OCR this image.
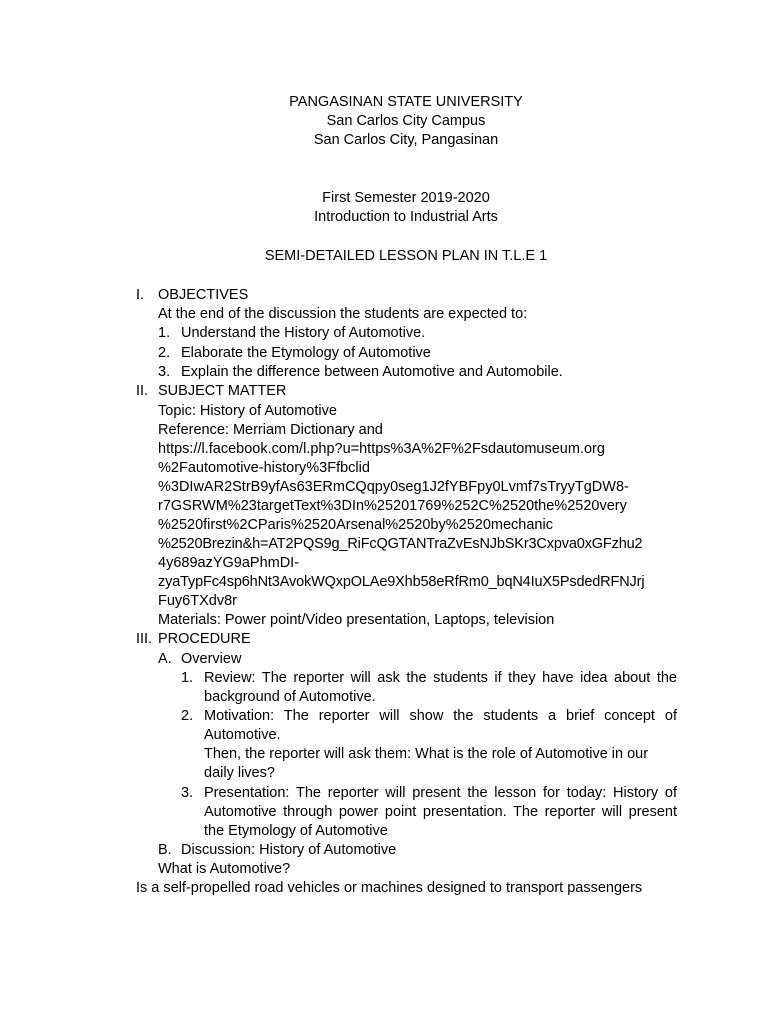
PANGASINAN STATE UNIVERSITY
San Carlos City Campus
San Carlos City, Pangasinan
First Semester 2019-2020
Introduction to Industrial Arts
SEMI-DETAILED LESSON PLAN IN T.L.E 1
I. OBJECTIVES
At the end of the discussion the students are expected to:
1. Understand the History of Automotive.
2. Elaborate the Etymology of Automotive
3. Explain the difference between Automotive and Automobile.
II. SUBJECT MATTER
Topic: History of Automotive
Reference: Merriam Dictionary and
https://l.facebook.com/l.php?u=https%3A%2F%2Fsdautomuseum.org
%2Fautomotive-history%3Ffbclid
%3DIwAR2StrB9yfAs63ERmCQqpy0seg1J2fYBFpy0Lvmf7sTryyTgDW8-
r7GSRWM%23targetText%3DIn%25201769%252C%2520the%2520very
%2520first%2CParis%2520Arsenal%2520by%2520mechanic
%2520Brezin&h=AT2PQS9g_RiFcQGTANTraZvEsNJbSKr3Cxpva0xGFzhu2
4y689azYG9aPhmDI-
zyaTypFc4sp6hNt3AvokWQxpOLAe9Xhb58eRfRm0_bqN4IuX5PsdedRFNJrj
Fuy6TXdv8r
Materials: Power point/Video presentation, Laptops, television
III. PROCEDURE
A. Overview
1. Review: The reporter will ask the students if they have idea about the
background of Automotive.
2. Motivation: The reporter will show the students a brief concept of
Automotive.
Then, the reporter will ask them: What is the role of Automotive in our
daily lives?
3. Presentation: The reporter will present the lesson for today: History of
Automotive through power point presentation. The reporter will present
the Etymology of Automotive
B. Discussion: History of Automotive
What is Automotive?
Is a self-propelled road vehicles or machines designed to transport passengers
